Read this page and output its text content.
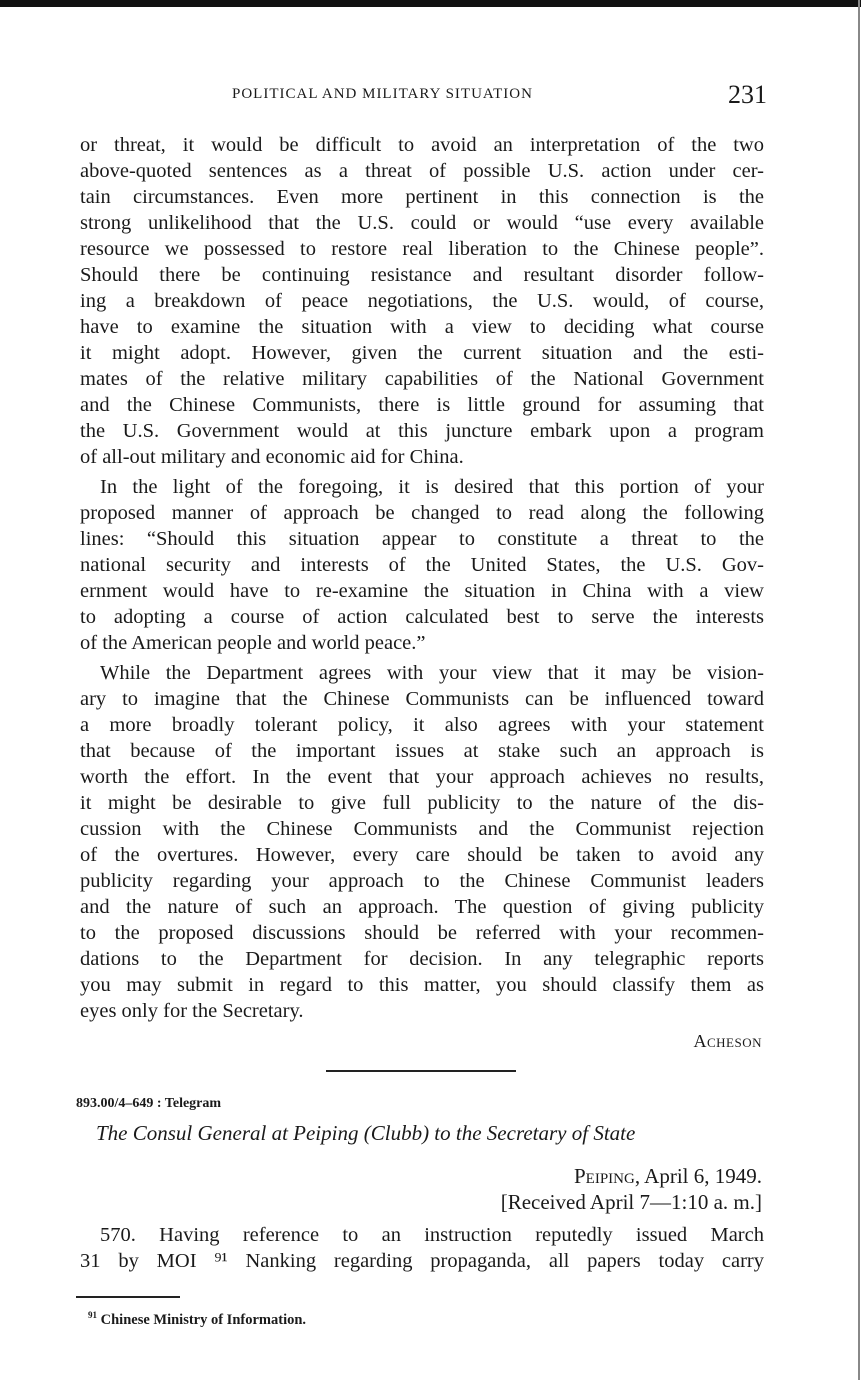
POLITICAL AND MILITARY SITUATION	231
or threat, it would be difficult to avoid an interpretation of the two
above-quoted sentences as a threat of possible U.S. action under cer-
tain circumstances. Even more pertinent in this connection is the
strong unlikelihood that the U.S. could or would “use every available
resource we possessed to restore real liberation to the Chinese people”.
Should there be continuing resistance and resultant disorder follow-
ing a breakdown of peace negotiations, the U.S. would, of course,
have to examine the situation with a view to deciding what course
it might adopt. However, given the current situation and the esti-
mates of the relative military capabilities of the National Government
and the Chinese Communists, there is little ground for assuming that
the U.S. Government would at this juncture embark upon a program
of all-out military and economic aid for China.
In the light of the foregoing, it is desired that this portion of your
proposed manner of approach be changed to read along the following
lines: “Should this situation appear to constitute a threat to the
national security and interests of the United States, the U.S. Gov-
ernment would have to re-examine the situation in China with a view
to adopting a course of action calculated best to serve the interests
of the American people and world peace.”
While the Department agrees with your view that it may be vision-
ary to imagine that the Chinese Communists can be influenced toward
a more broadly tolerant policy, it also agrees with your statement
that because of the important issues at stake such an approach is
worth the effort. In the event that your approach achieves no results,
it might be desirable to give full publicity to the nature of the dis-
cussion with the Chinese Communists and the Communist rejection
of the overtures. However, every care should be taken to avoid any
publicity regarding your approach to the Chinese Communist leaders
and the nature of such an approach. The question of giving publicity
to the proposed discussions should be referred with your recommen-
dations to the Department for decision. In any telegraphic reports
you may submit in regard to this matter, you should classify them as
eyes only for the Secretary.
Acheson
893.00/4–649 : Telegram
The Consul General at Peiping (Clubb) to the Secretary of State
Peiping, April 6, 1949.
[Received April 7—1:10 a. m.]
570. Having reference to an instruction reputedly issued March
31 by MOI ⁹¹ Nanking regarding propaganda, all papers today carry
$^{91}$ Chinese Ministry of Information.
